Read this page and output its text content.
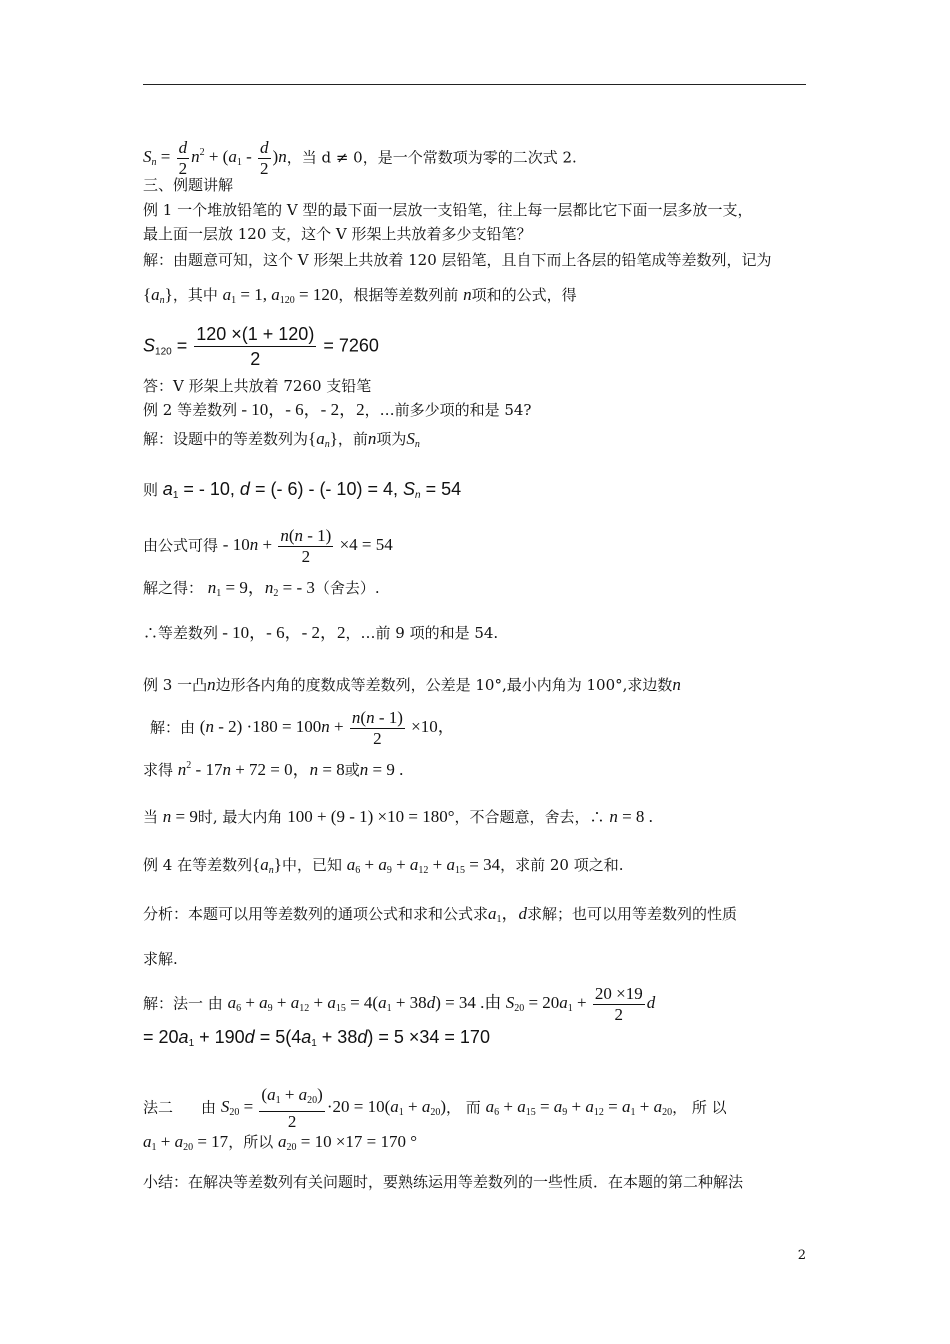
$S_n = \frac{d}{2} n^2 + (a_1 - \frac{d}{2} )n$，当 d ≠ 0，是一个常数项为零的二次式 2.
三、例题讲解
例 1 一个堆放铅笔的 V 型的最下面一层放一支铅笔，往上每一层都比它下面一层多放一支，
最上面一层放 120 支，这个 V 形架上共放着多少支铅笔？
解：由题意可知，这个 V 形架上共放着 120 层铅笔，且自下而上各层的铅笔成等差数列，记为
$\{a_n\}$，其中 $a_1 = 1$, $a_{120} = 120$，根据等差数列前 n项和的公式，得
$S_{120} = \frac{120 \times(1 + 120)}{2} = 7260$
答：V 形架上共放着 7260 支铅笔
例 2 等差数列 - 10，- 6，- 2，2，…前多少项的和是 54?
解：设题中的等差数列为$\{a_n\}$，前n项为$S_n$
则 $a_1$ = - 10, d = (- 6) - (- 10) = 4, $S_n = 54$
由公式可得 - $10n + \frac{n(n - 1)}{2} \times 4 = 54$
解之得： $n_1 = 9$，$n_2$ = - 3（舍去）.
∴等差数列 - 10，- 6，- 2，2，…前 9 项的和是 54.
例 3 一凸n边形各内角的度数成等差数列，公差是 10°,最小内角为 100°,求边数n
解：由 $(n - 2) \cdot 180 = 100n + \frac{n(n - 1)}{2} \times 10$，
求得 $n^2 - 17n + 72 = 0$，n = 8或n = 9 .
当 n = 9时, 最大内角 100 + (9 - 1) ×10 = 180°，不合题意，舍去，∴ n = 8 .
例 4 在等差数列$\{a_n\}$中，已知 $a_6 + a_9 + a_{12} + a_{15} = 34$，求前 20 项之和.
分析：本题可以用等差数列的通项公式和求和公式求$a_1$，d求解；也可以用等差数列的性质
求解.
解：法一 由 $a_6 + a_9 + a_{12} + a_{15} = 4(a_1 + 38d) = 34$ .由 $S_{20} = 20a_1 + \frac{20 \times 19}{2}$ d
= $20a_1 + 190d = 5(4a_1 + 38d) = 5 \times 34 = 170$
法二 由 $S_{20} = \frac{(a_1 + a_{20})}{2} \cdot 20 = 10(a_1 + a_{20})$， 而 $a_6 + a_{15} = a_9 + a_{12} = a_1 + a_{20}$， 所 以
$a_1 + a_{20} = 17$，所以 $a_{20} = 10 \times 17 = 170$ °
小结：在解决等差数列有关问题时，要熟练运用等差数列的一些性质．在本题的第二种解法
2
